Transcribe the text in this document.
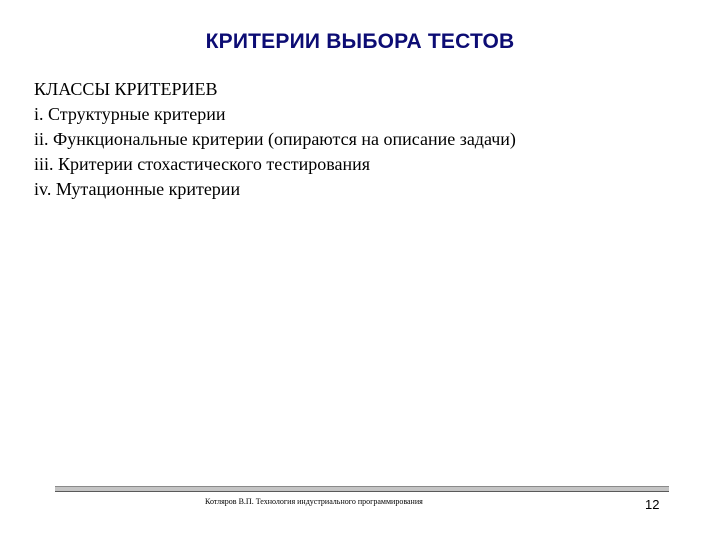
КРИТЕРИИ ВЫБОРА ТЕСТОВ
КЛАССЫ КРИТЕРИЕВ
i. Структурные критерии
ii. Функциональные критерии (опираются на описание задачи)
iii. Критерии стохастического тестирования
iv. Мутационные критерии
Котляров В.П. Технология индустриального программирования	12
